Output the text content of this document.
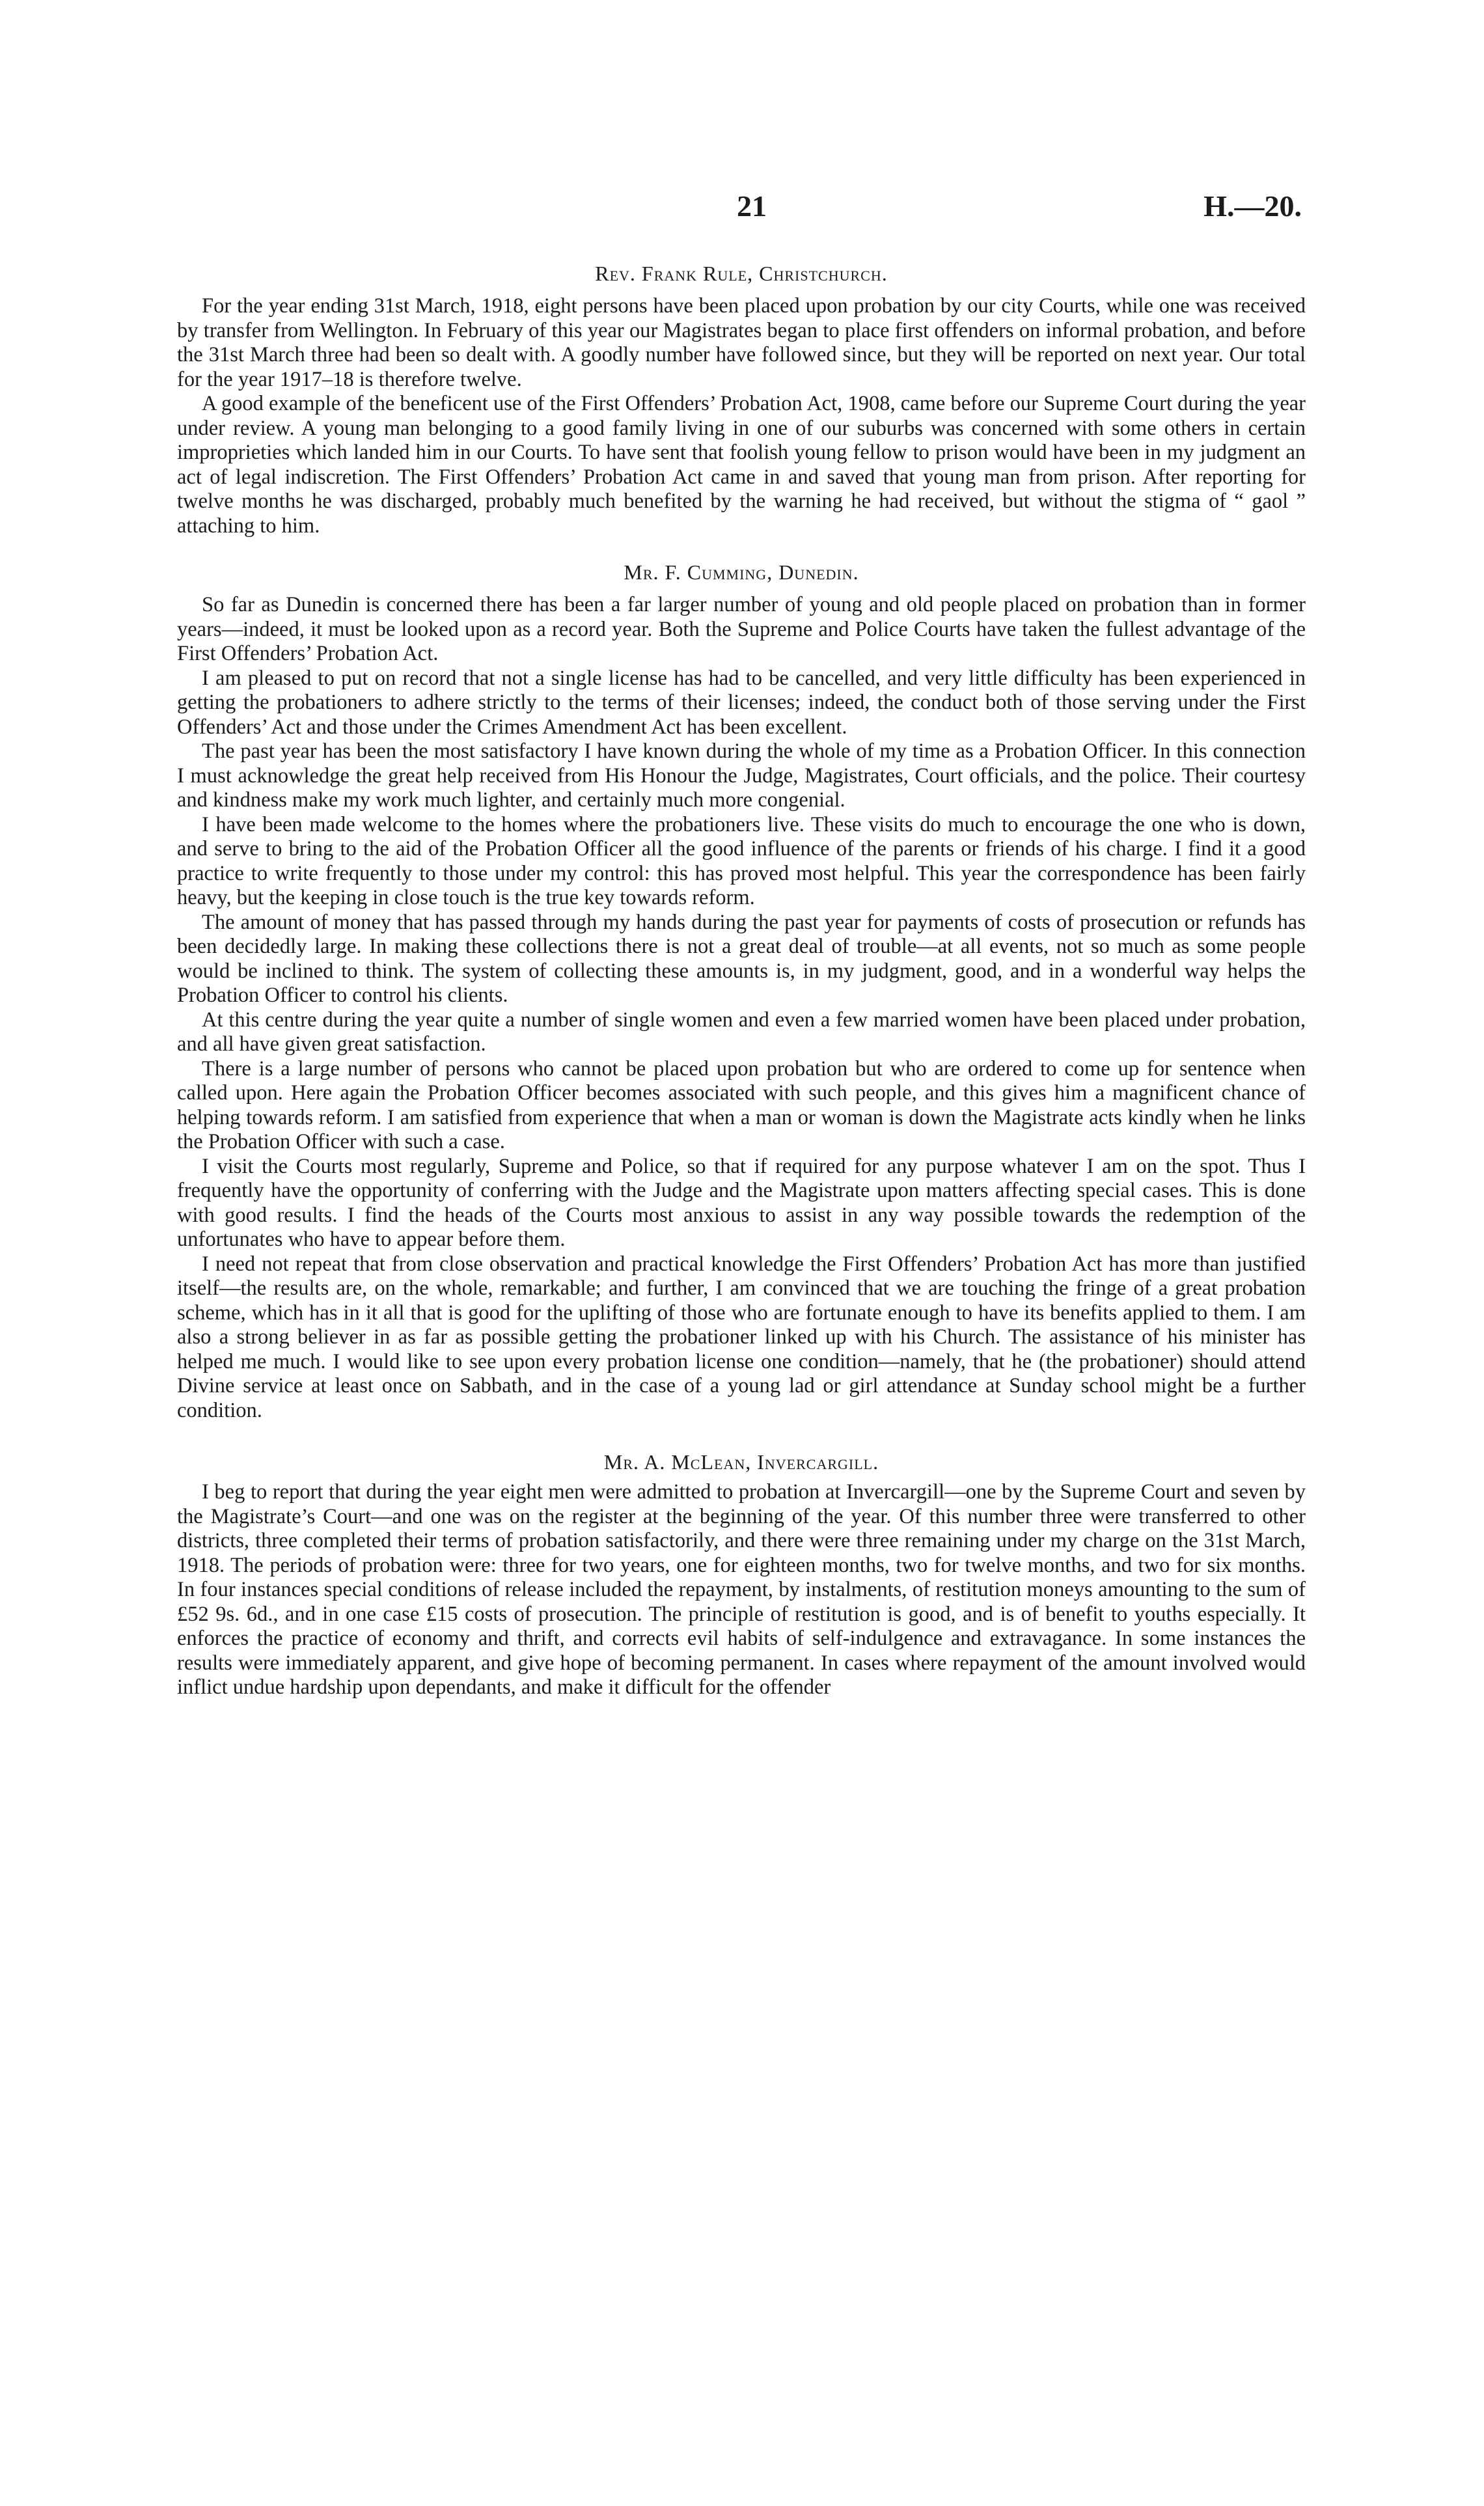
21	H.—20.
Rev. Frank Rule, Christchurch.

For the year ending 31st March, 1918, eight persons have been placed upon probation by our city Courts, while one was received by transfer from Wellington. In February of this year our Magistrates began to place first offenders on informal probation, and before the 31st March three had been so dealt with. A goodly number have followed since, but they will be reported on next year. Our total for the year 1917–18 is therefore twelve.

A good example of the beneficent use of the First Offenders’ Probation Act, 1908, came before our Supreme Court during the year under review. A young man belonging to a good family living in one of our suburbs was concerned with some others in certain improprieties which landed him in our Courts. To have sent that foolish young fellow to prison would have been in my judgment an act of legal indiscretion. The First Offenders’ Probation Act came in and saved that young man from prison. After reporting for twelve months he was discharged, probably much benefited by the warning he had received, but without the stigma of “ gaol ” attaching to him.

Mr. F. Cumming, Dunedin.

So far as Dunedin is concerned there has been a far larger number of young and old people placed on probation than in former years—indeed, it must be looked upon as a record year. Both the Supreme and Police Courts have taken the fullest advantage of the First Offenders’ Probation Act.

I am pleased to put on record that not a single license has had to be cancelled, and very little difficulty has been experienced in getting the probationers to adhere strictly to the terms of their licenses; indeed, the conduct both of those serving under the First Offenders’ Act and those under the Crimes Amendment Act has been excellent.

The past year has been the most satisfactory I have known during the whole of my time as a Probation Officer. In this connection I must acknowledge the great help received from His Honour the Judge, Magistrates, Court officials, and the police. Their courtesy and kindness make my work much lighter, and certainly much more congenial.

I have been made welcome to the homes where the probationers live. These visits do much to encourage the one who is down, and serve to bring to the aid of the Probation Officer all the good influence of the parents or friends of his charge. I find it a good practice to write frequently to those under my control: this has proved most helpful. This year the correspondence has been fairly heavy, but the keeping in close touch is the true key towards reform.

The amount of money that has passed through my hands during the past year for payments of costs of prosecution or refunds has been decidedly large. In making these collections there is not a great deal of trouble—at all events, not so much as some people would be inclined to think. The system of collecting these amounts is, in my judgment, good, and in a wonderful way helps the Probation Officer to control his clients.

At this centre during the year quite a number of single women and even a few married women have been placed under probation, and all have given great satisfaction.

There is a large number of persons who cannot be placed upon probation but who are ordered to come up for sentence when called upon. Here again the Probation Officer becomes associated with such people, and this gives him a magnificent chance of helping towards reform. I am satisfied from experience that when a man or woman is down the Magistrate acts kindly when he links the Probation Officer with such a case.

I visit the Courts most regularly, Supreme and Police, so that if required for any purpose whatever I am on the spot. Thus I frequently have the opportunity of conferring with the Judge and the Magistrate upon matters affecting special cases. This is done with good results. I find the heads of the Courts most anxious to assist in any way possible towards the redemption of the unfortunates who have to appear before them.

I need not repeat that from close observation and practical knowledge the First Offenders’ Probation Act has more than justified itself—the results are, on the whole, remarkable; and further, I am convinced that we are touching the fringe of a great probation scheme, which has in it all that is good for the uplifting of those who are fortunate enough to have its benefits applied to them. I am also a strong believer in as far as possible getting the probationer linked up with his Church. The assistance of his minister has helped me much. I would like to see upon every probation license one condition—namely, that he (the probationer) should attend Divine service at least once on Sabbath, and in the case of a young lad or girl attendance at Sunday school might be a further condition.

Mr. A. McLean, Invercargill.

I beg to report that during the year eight men were admitted to probation at Invercargill—one by the Supreme Court and seven by the Magistrate’s Court—and one was on the register at the beginning of the year. Of this number three were transferred to other districts, three completed their terms of probation satisfactorily, and there were three remaining under my charge on the 31st March, 1918. The periods of probation were: three for two years, one for eighteen months, two for twelve months, and two for six months. In four instances special conditions of release included the repayment, by instalments, of restitution moneys amounting to the sum of £52 9s. 6d., and in one case £15 costs of prosecution. The principle of restitution is good, and is of benefit to youths especially. It enforces the practice of economy and thrift, and corrects evil habits of self-indulgence and extravagance. In some instances the results were immediately apparent, and give hope of becoming permanent. In cases where repayment of the amount involved would inflict undue hardship upon dependants, and make it difficult for the offender
